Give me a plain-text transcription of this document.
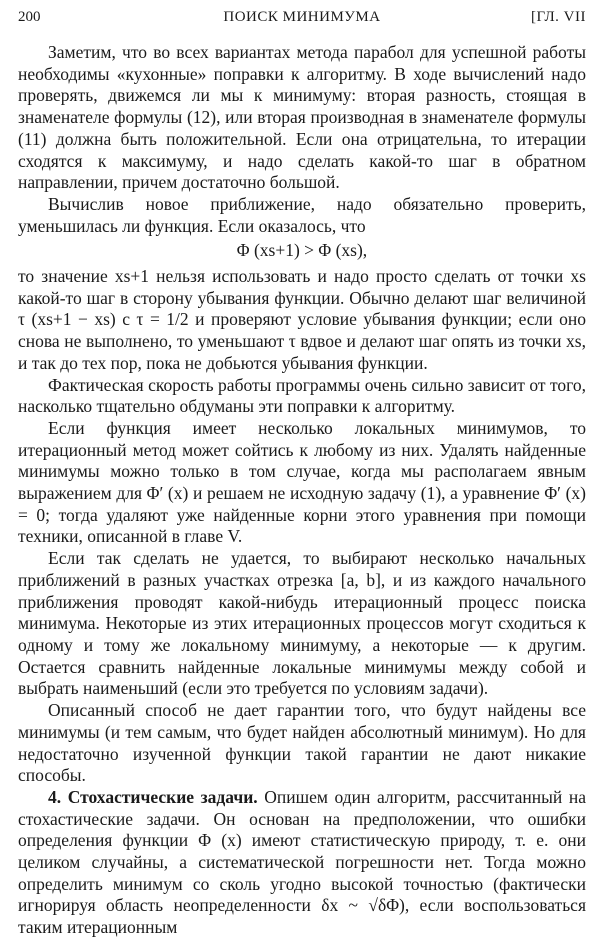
200	ПОИСК МИНИМУМА	[ГЛ. VII

Заметим, что во всех вариантах метода парабол для успешной работы необходимы «кухонные» поправки к алгоритму. В ходе вычислений надо проверять, движемся ли мы к минимуму: вторая разность, стоящая в знаменателе формулы (12), или вторая производная в знаменателе формулы (11) должна быть положительной. Если она отрицательна, то итерации сходятся к максимуму, и надо сделать какой-то шаг в обратном направлении, причем достаточно большой.

Вычислив новое приближение, надо обязательно проверить, уменьшилась ли функция. Если оказалось, что

Φ (xs+1) > Φ (xs),

то значение xs+1 нельзя использовать и надо просто сделать от точки xs какой-то шаг в сторону убывания функции. Обычно делают шаг величиной τ (xs+1 − xs) с τ = 1/2 и проверяют условие убывания функции; если оно снова не выполнено, то уменьшают τ вдвое и делают шаг опять из точки xs, и так до тех пор, пока не добьются убывания функции.

Фактическая скорость работы программы очень сильно зависит от того, насколько тщательно обдуманы эти поправки к алгоритму.

Если функция имеет несколько локальных минимумов, то итерационный метод может сойтись к любому из них. Удалять найденные минимумы можно только в том случае, когда мы располагаем явным выражением для Φ′ (x) и решаем не исходную задачу (1), а уравнение Φ′ (x) = 0; тогда удаляют уже найденные корни этого уравнения при помощи техники, описанной в главе V.

Если так сделать не удается, то выбирают несколько начальных приближений в разных участках отрезка [a, b], и из каждого начального приближения проводят какой-нибудь итерационный процесс поиска минимума. Некоторые из этих итерационных процессов могут сходиться к одному и тому же локальному минимуму, а некоторые — к другим. Остается сравнить найденные локальные минимумы между собой и выбрать наименьший (если это требуется по условиям задачи).

Описанный способ не дает гарантии того, что будут найдены все минимумы (и тем самым, что будет найден абсолютный минимум). Но для недостаточно изученной функции такой гарантии не дают никакие способы.

4. Стохастические задачи. Опишем один алгоритм, рассчитанный на стохастические задачи. Он основан на предположении, что ошибки определения функции Φ (x) имеют статистическую природу, т. е. они целиком случайны, а систематической погрешности нет. Тогда можно определить минимум со сколь угодно высокой точностью (фактически игнорируя область неопределенности δx ~ √δΦ), если воспользоваться таким итерационным
